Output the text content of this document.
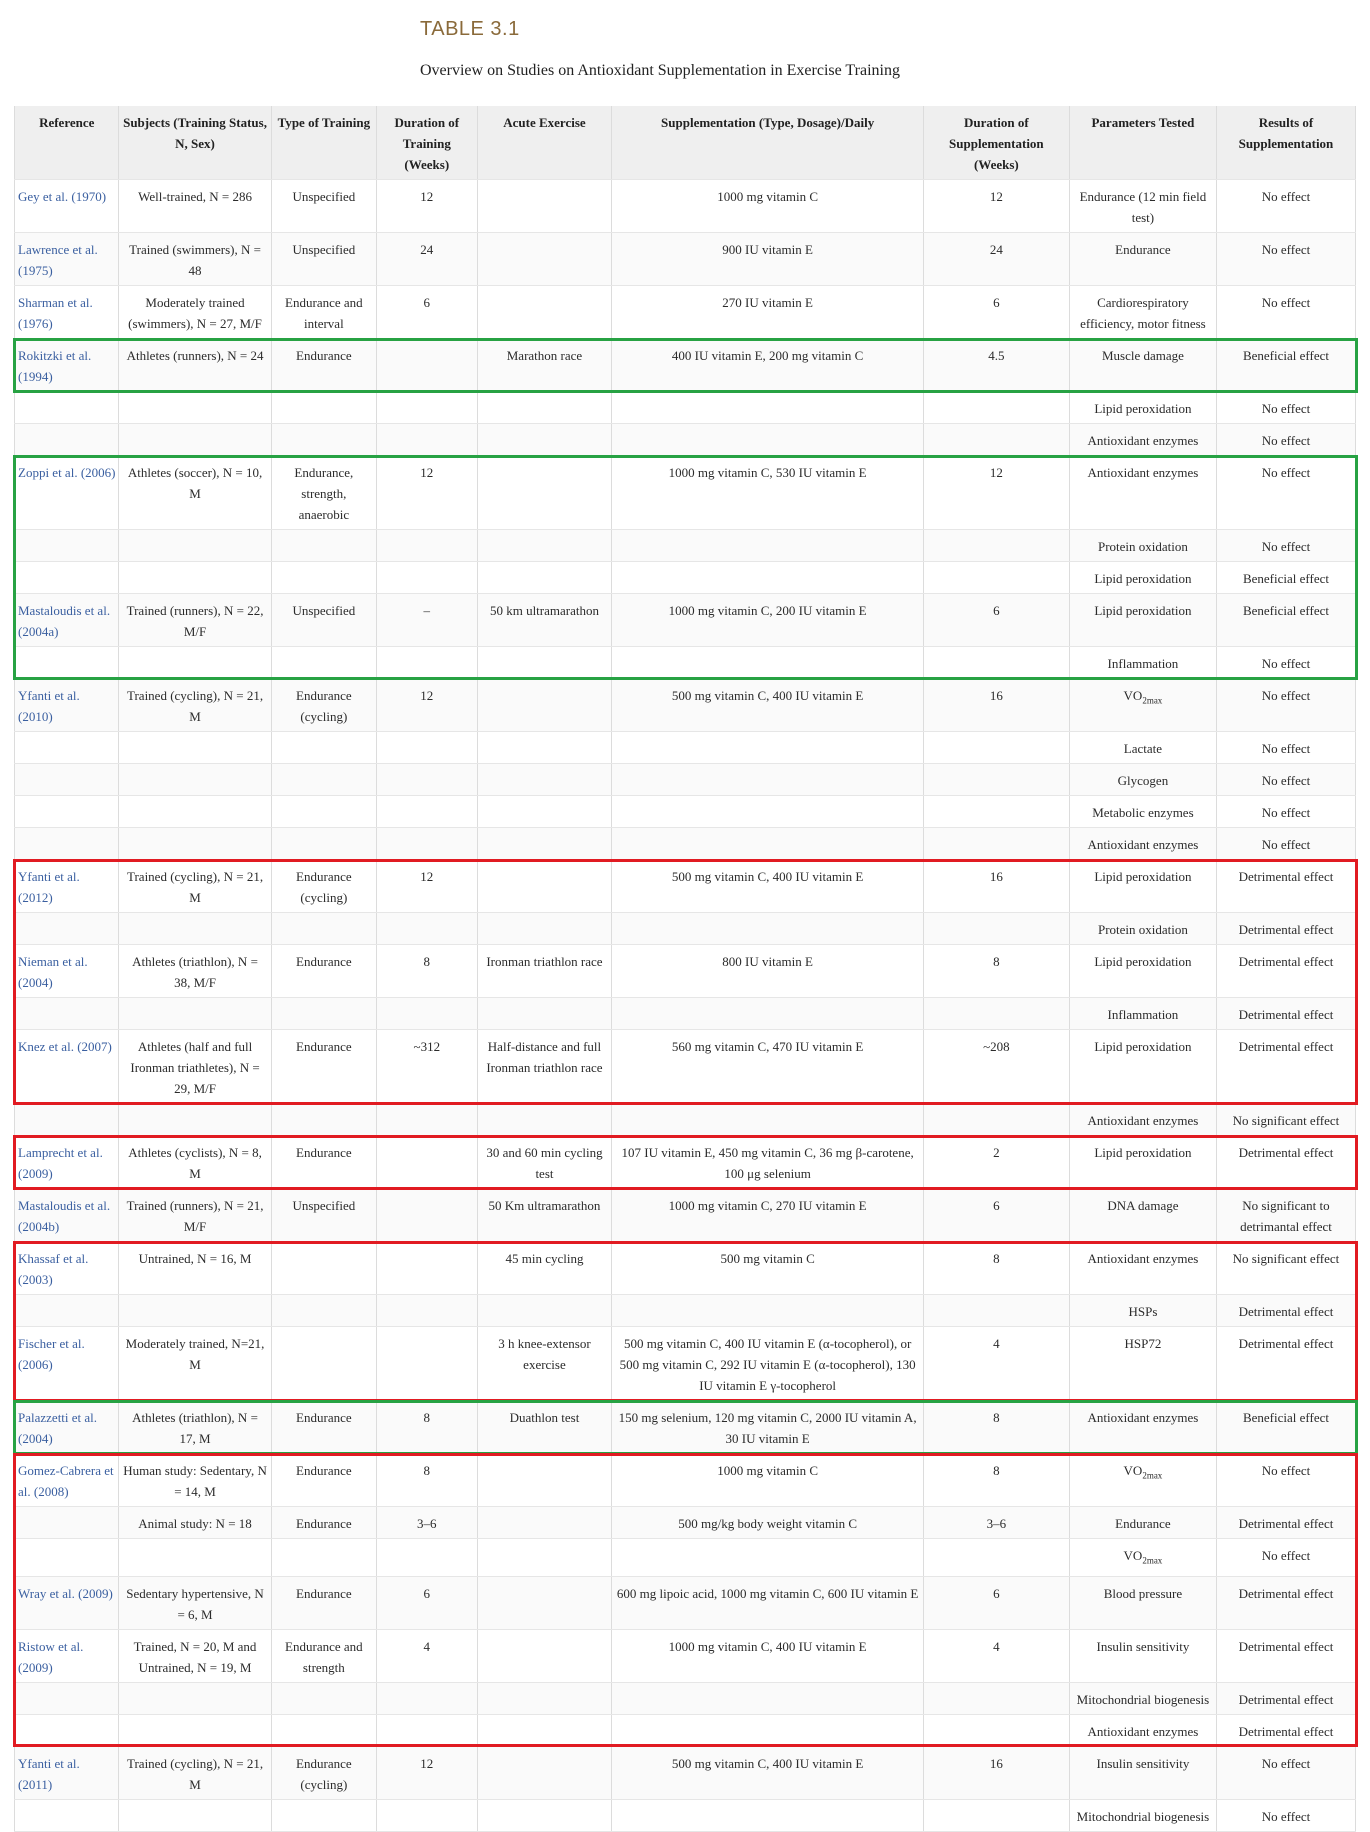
TABLE 3.1
Overview on Studies on Antioxidant Supplementation in Exercise Training
Reference	Subjects (Training Status, N, Sex)	Type of Training	Duration of Training (Weeks)	Acute Exercise	Supplementation (Type, Dosage)/Daily	Duration of Supplementation (Weeks)	Parameters Tested	Results of Supplementation
Gey et al. (1970)	Well-trained, N = 286	Unspecified	12		1000 mg vitamin C	12	Endurance (12 min field test)	No effect
Lawrence et al. (1975)	Trained (swimmers), N = 48	Unspecified	24		900 IU vitamin E	24	Endurance	No effect
Sharman et al. (1976)	Moderately trained (swimmers), N = 27, M/F	Endurance and interval	6		270 IU vitamin E	6	Cardiorespiratory efficiency, motor fitness	No effect
Rokitzki et al. (1994)	Athletes (runners), N = 24	Endurance		Marathon race	400 IU vitamin E, 200 mg vitamin C	4.5	Muscle damage	Beneficial effect
							Lipid peroxidation	No effect
							Antioxidant enzymes	No effect
Zoppi et al. (2006)	Athletes (soccer), N = 10, M	Endurance, strength, anaerobic	12		1000 mg vitamin C, 530 IU vitamin E	12	Antioxidant enzymes	No effect
							Protein oxidation	No effect
							Lipid peroxidation	Beneficial effect
Mastaloudis et al. (2004a)	Trained (runners), N = 22, M/F	Unspecified	–	50 km ultramarathon	1000 mg vitamin C, 200 IU vitamin E	6	Lipid peroxidation	Beneficial effect
							Inflammation	No effect
Yfanti et al. (2010)	Trained (cycling), N = 21, M	Endurance (cycling)	12		500 mg vitamin C, 400 IU vitamin E	16	$VO_{2max}$	No effect
							Lactate	No effect
							Glycogen	No effect
							Metabolic enzymes	No effect
							Antioxidant enzymes	No effect
Yfanti et al. (2012)	Trained (cycling), N = 21, M	Endurance (cycling)	12		500 mg vitamin C, 400 IU vitamin E	16	Lipid peroxidation	Detrimental effect
							Protein oxidation	Detrimental effect
Nieman et al. (2004)	Athletes (triathlon), N = 38, M/F	Endurance	8	Ironman triathlon race	800 IU vitamin E	8	Lipid peroxidation	Detrimental effect
							Inflammation	Detrimental effect
Knez et al. (2007)	Athletes (half and full Ironman triathletes), N = 29, M/F	Endurance	~312	Half-distance and full Ironman triathlon race	560 mg vitamin C, 470 IU vitamin E	~208	Lipid peroxidation	Detrimental effect
							Antioxidant enzymes	No significant effect
Lamprecht et al. (2009)	Athletes (cyclists), N = 8, M	Endurance		30 and 60 min cycling test	107 IU vitamin E, 450 mg vitamin C, 36 mg β-carotene, 100 μg selenium	2	Lipid peroxidation	Detrimental effect
Mastaloudis et al. (2004b)	Trained (runners), N = 21, M/F	Unspecified		50 Km ultramarathon	1000 mg vitamin C, 270 IU vitamin E	6	DNA damage	No significant to detrimantal effect
Khassaf et al. (2003)	Untrained, N = 16, M			45 min cycling	500 mg vitamin C	8	Antioxidant enzymes	No significant effect
							HSPs	Detrimental effect
Fischer et al. (2006)	Moderately trained, N=21, M			3 h knee-extensor exercise	500 mg vitamin C, 400 IU vitamin E (α-tocopherol), or 500 mg vitamin C, 292 IU vitamin E (α-tocopherol), 130 IU vitamin E γ-tocopherol	4	HSP72	Detrimental effect
Palazzetti et al. (2004)	Athletes (triathlon), N = 17, M	Endurance	8	Duathlon test	150 mg selenium, 120 mg vitamin C, 2000 IU vitamin A, 30 IU vitamin E	8	Antioxidant enzymes	Beneficial effect
Gomez-Cabrera et al. (2008)	Human study: Sedentary, N = 14, M	Endurance	8		1000 mg vitamin C	8	$VO_{2max}$	No effect
	Animal study: N = 18	Endurance	3–6		500 mg/kg body weight vitamin C	3–6	Endurance	Detrimental effect
							$VO_{2max}$	No effect
Wray et al. (2009)	Sedentary hypertensive, N = 6, M	Endurance	6		600 mg lipoic acid, 1000 mg vitamin C, 600 IU vitamin E	6	Blood pressure	Detrimental effect
Ristow et al. (2009)	Trained, N = 20, M and Untrained, N = 19, M	Endurance and strength	4		1000 mg vitamin C, 400 IU vitamin E	4	Insulin sensitivity	Detrimental effect
							Mitochondrial biogenesis	Detrimental effect
							Antioxidant enzymes	Detrimental effect
Yfanti et al. (2011)	Trained (cycling), N = 21, M	Endurance (cycling)	12		500 mg vitamin C, 400 IU vitamin E	16	Insulin sensitivity	No effect
							Mitochondrial biogenesis	No effect
